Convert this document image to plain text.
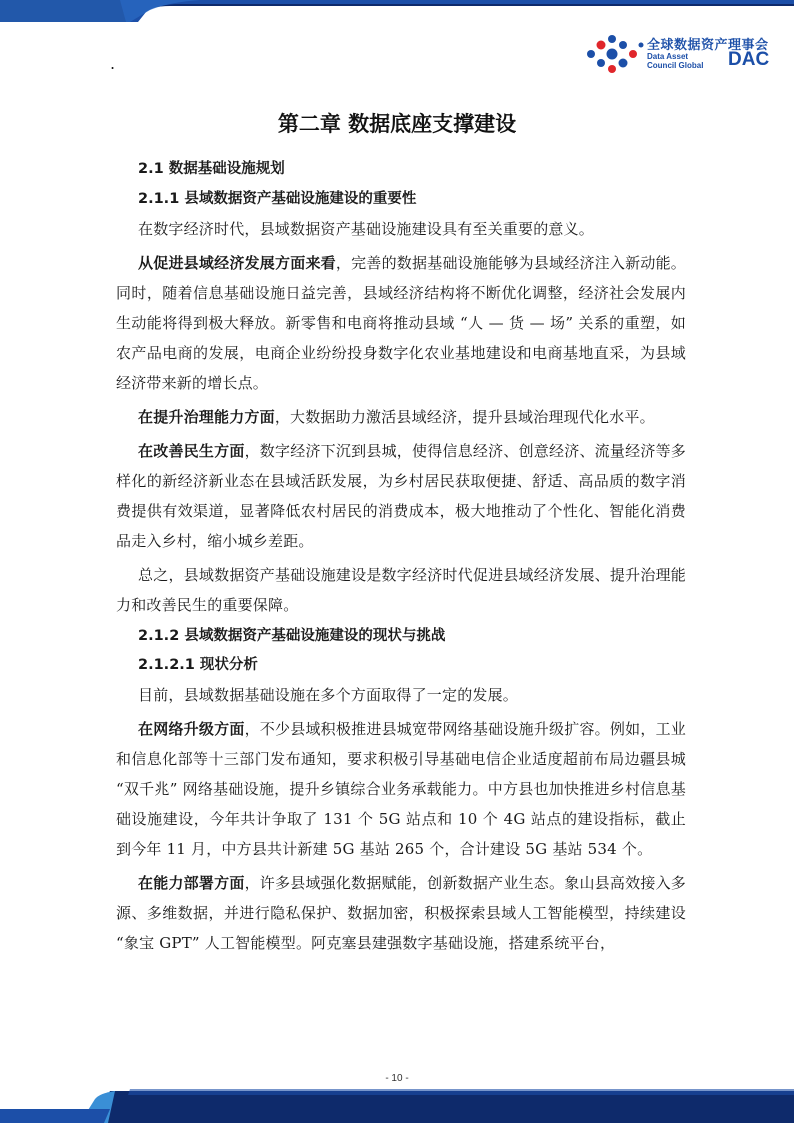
.
全球数据资产理事会
Data Asset
Council Global DAC
第二章 数据底座支撑建设

2.1 数据基础设施规划

2.1.1 县域数据资产基础设施建设的重要性

在数字经济时代，县域数据资产基础设施建设具有至关重要的意义。

从促进县域经济发展方面来看，完善的数据基础设施能够为县域经济注入新动能。同时，随着信息基础设施日益完善，县域经济结构将不断优化调整，经济社会发展内生动能将得到极大释放。新零售和电商将推动县域 “人 — 货 — 场” 关系的重塑，如农产品电商的发展，电商企业纷纷投身数字化农业基地建设和电商基地直采，为县域经济带来新的增长点。

在提升治理能力方面，大数据助力激活县域经济，提升县域治理现代化水平。

在改善民生方面，数字经济下沉到县城，使得信息经济、创意经济、流量经济等多样化的新经济新业态在县域活跃发展，为乡村居民获取便捷、舒适、高品质的数字消费提供有效渠道，显著降低农村居民的消费成本，极大地推动了个性化、智能化消费品走入乡村，缩小城乡差距。

总之，县域数据资产基础设施建设是数字经济时代促进县域经济发展、提升治理能力和改善民生的重要保障。

2.1.2 县域数据资产基础设施建设的现状与挑战

2.1.2.1 现状分析

目前，县域数据基础设施在多个方面取得了一定的发展。

在网络升级方面，不少县域积极推进县城宽带网络基础设施升级扩容。例如，工业和信息化部等十三部门发布通知，要求积极引导基础电信企业适度超前布局边疆县城 “双千兆” 网络基础设施，提升乡镇综合业务承载能力。中方县也加快推进乡村信息基础设施建设，今年共计争取了 131 个 5G 站点和 10 个 4G 站点的建设指标，截止到今年 11 月，中方县共计新建 5G 基站 265 个，合计建设 5G 基站 534 个。

在能力部署方面，许多县域强化数据赋能，创新数据产业生态。象山县高效接入多源、多维数据，并进行隐私保护、数据加密，积极探索县域人工智能模型，持续建设 “象宝 GPT” 人工智能模型。阿克塞县建强数字基础设施，搭建系统平台，

- 10 -
